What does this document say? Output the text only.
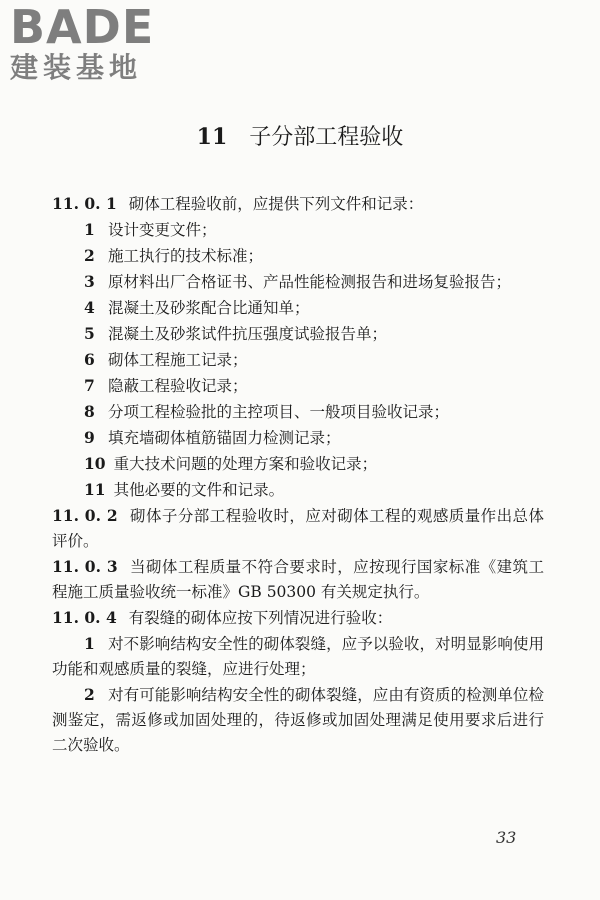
BADE
建装基地
11 子分部工程验收

11. 0. 1 砌体工程验收前，应提供下列文件和记录：

1 设计变更文件；

2 施工执行的技术标准；

3 原材料出厂合格证书、产品性能检测报告和进场复验报告；

4 混凝土及砂浆配合比通知单；

5 混凝土及砂浆试件抗压强度试验报告单；

6 砌体工程施工记录；

7 隐蔽工程验收记录；

8 分项工程检验批的主控项目、一般项目验收记录；

9 填充墙砌体植筋锚固力检测记录；

10 重大技术问题的处理方案和验收记录；

11 其他必要的文件和记录。

11. 0. 2 砌体子分部工程验收时，应对砌体工程的观感质量作出总体评价。

11. 0. 3 当砌体工程质量不符合要求时，应按现行国家标准《建筑工程施工质量验收统一标准》GB 50300 有关规定执行。

11. 0. 4 有裂缝的砌体应按下列情况进行验收：

1 对不影响结构安全性的砌体裂缝，应予以验收，对明显影响使用功能和观感质量的裂缝，应进行处理；

2 对有可能影响结构安全性的砌体裂缝，应由有资质的检测单位检测鉴定，需返修或加固处理的，待返修或加固处理满足使用要求后进行二次验收。

33
